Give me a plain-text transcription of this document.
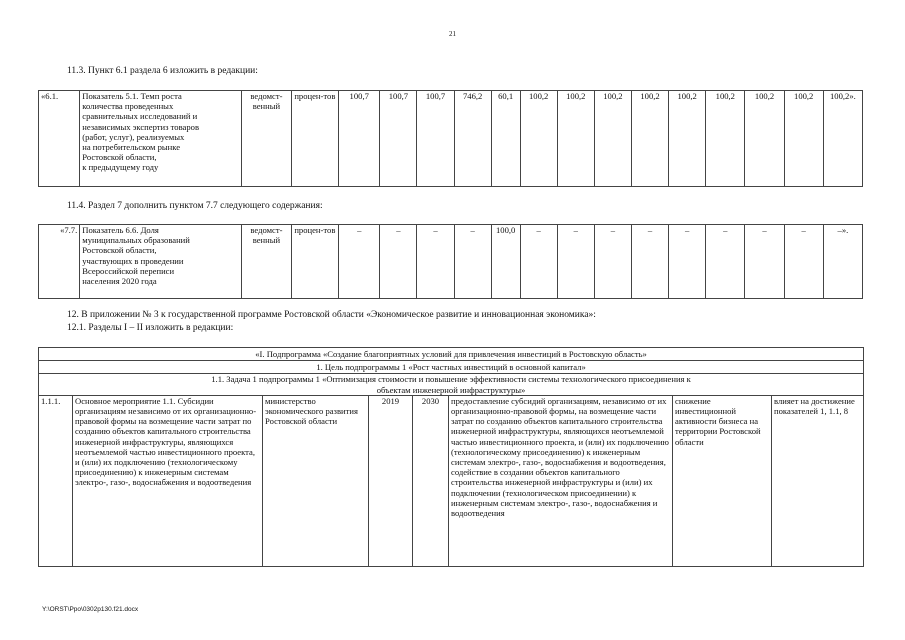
21
11.3. Пункт 6.1 раздела 6 изложить в редакции:
«6.1.	Показатель 5.1. Темп роста
количества проведенных
сравнительных исследований и
независимых экспертиз товаров
(работ, услуг), реализуемых
на потребительском рынке
Ростовской области,
к предыдущему году
	ведомст-венный	процен-тов	100,7	100,7	100,7	746,2	60,1	100,2	100,2	100,2	100,2	100,2	100,2	100,2	100,2	100,2».
11.4. Раздел 7 дополнить пунктом 7.7 следующего содержания:
«7.7.	Показатель 6.6. Доля
муниципальных образований
Ростовской области,
участвующих в проведении
Всероссийской переписи
населения 2020 года
	ведомст-венный	процен-тов	–	–	–	–	100,0	–	–	–	–	–	–	–	–	–».
12. В приложении № 3 к государственной программе Ростовской области «Экономическое развитие и инновационная экономика»:
12.1. Разделы I – II изложить в редакции:
«I. Подпрограмма «Создание благоприятных условий для привлечения инвестиций в Ростовскую область»
1. Цель подпрограммы 1 «Рост частных инвестиций в основной капитал»
1.1. Задача 1 подпрограммы 1 «Оптимизация стоимости и повышение эффективности системы технологического присоединения к объектам инженерной инфраструктуры»
1.1.1.	Основное мероприятие 1.1. Субсидии организациям независимо от их организационно-правовой формы на возмещение части затрат по созданию объектов капитального строительства инженерной инфраструктуры, являющихся неотъемлемой частью инвестиционного проекта, и (или) их подключению (технологическому присоединению) к инженерным системам электро-, газо-, водоснабжения и водоотведения	министерство экономического развития Ростовской области	2019	2030	предоставление субсидий организациям, независимо от их организационно-правовой формы, на возмещение части затрат по созданию объектов капитального строительства инженерной инфраструктуры, являющихся неотъемлемой частью инвестиционного проекта, и (или) их подключению (технологическому присоединению) к инженерным системам электро-, газо-, водоснабжения и водоотведения, содействие в создании объектов капитального строительства инженерной инфраструктуры и (или) их подключении (технологическом присоединении) к инженерным системам электро-, газо-, водоснабжения и водоотведения	снижение инвестиционной активности бизнеса на территории Ростовской области	влияет на достижение показателей 1, 1.1, 8
Y:\ORST\Ppo\0302p130.f21.docx
